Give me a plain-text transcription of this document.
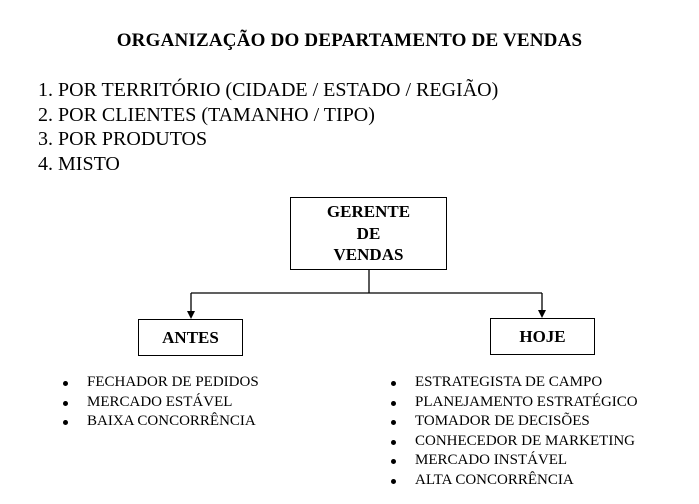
ORGANIZAÇÃO DO DEPARTAMENTO DE VENDAS
1. POR TERRITÓRIO (CIDADE / ESTADO / REGIÃO)
2. POR CLIENTES (TAMANHO / TIPO)
3. POR PRODUTOS
4. MISTO
GERENTE
DE
VENDAS
ANTES	HOJE
FECHADOR DE PEDIDOS
MERCADO ESTÁVEL
BAIXA CONCORRÊNCIA
ESTRATEGISTA DE CAMPO
PLANEJAMENTO ESTRATÉGICO
TOMADOR DE DECISÕES
CONHECEDOR DE MARKETING
MERCADO INSTÁVEL
ALTA CONCORRÊNCIA
